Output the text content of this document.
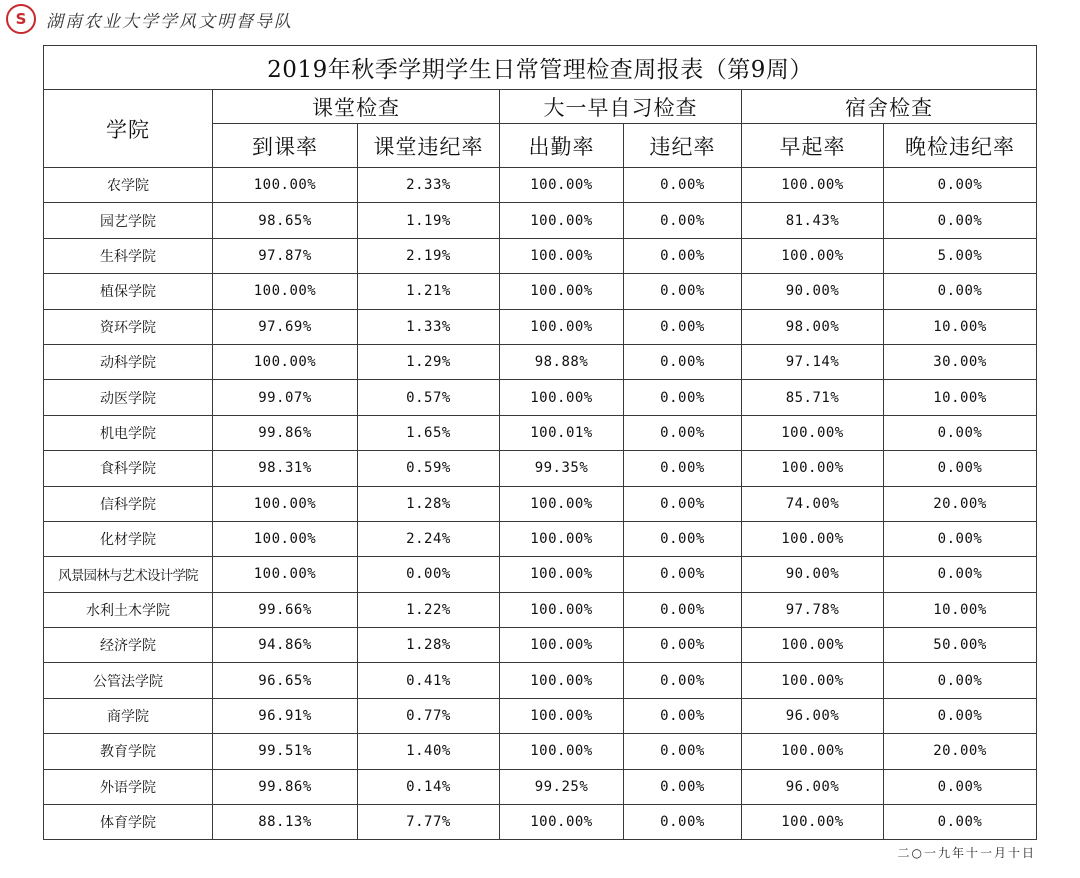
S	湖南农业大学学风文明督导队
2019年秋季学期学生日常管理检查周报表（第9周）						
学院	课堂检查		大一早自习检查		宿舍检查	
	到课率	课堂违纪率	出勤率	违纪率	早起率	晚检违纪率
农学院	100.00%	2.33%	100.00%	0.00%	100.00%	0.00%
园艺学院	98.65%	1.19%	100.00%	0.00%	81.43%	0.00%
生科学院	97.87%	2.19%	100.00%	0.00%	100.00%	5.00%
植保学院	100.00%	1.21%	100.00%	0.00%	90.00%	0.00%
资环学院	97.69%	1.33%	100.00%	0.00%	98.00%	10.00%
动科学院	100.00%	1.29%	98.88%	0.00%	97.14%	30.00%
动医学院	99.07%	0.57%	100.00%	0.00%	85.71%	10.00%
机电学院	99.86%	1.65%	100.01%	0.00%	100.00%	0.00%
食科学院	98.31%	0.59%	99.35%	0.00%	100.00%	0.00%
信科学院	100.00%	1.28%	100.00%	0.00%	74.00%	20.00%
化材学院	100.00%	2.24%	100.00%	0.00%	100.00%	0.00%
风景园林与艺术设计学院	100.00%	0.00%	100.00%	0.00%	90.00%	0.00%
水利土木学院	99.66%	1.22%	100.00%	0.00%	97.78%	10.00%
经济学院	94.86%	1.28%	100.00%	0.00%	100.00%	50.00%
公管法学院	96.65%	0.41%	100.00%	0.00%	100.00%	0.00%
商学院	96.91%	0.77%	100.00%	0.00%	96.00%	0.00%
教育学院	99.51%	1.40%	100.00%	0.00%	100.00%	20.00%
外语学院	99.86%	0.14%	99.25%	0.00%	96.00%	0.00%
体育学院	88.13%	7.77%	100.00%	0.00%	100.00%	0.00%
二○一九年十一月十日
